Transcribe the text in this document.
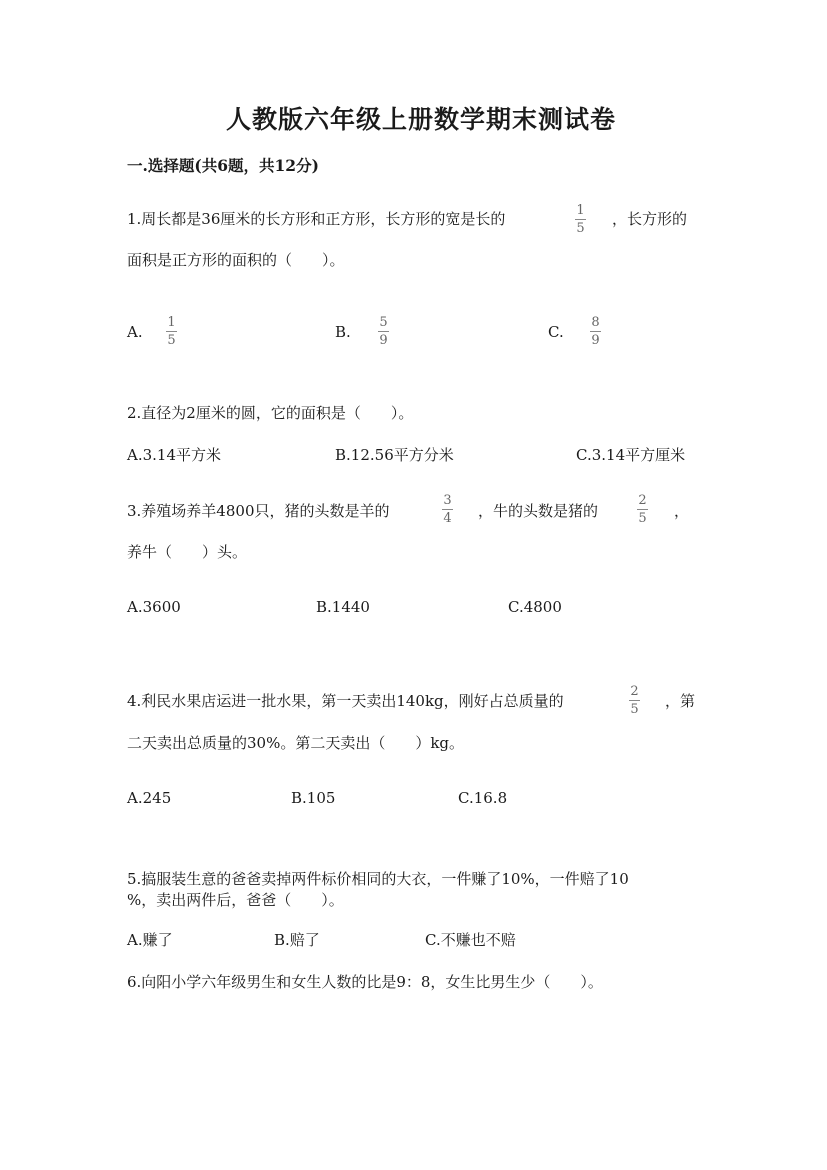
人教版六年级上册数学期末测试卷
一.选择题(共6题，共12分)
1.周长都是36厘米的长方形和正方形，长方形的宽是长的	1
5
，长方形的
面积是正方形的面积的（　　）。
A.
1
5	B.
5
9	C.
8
9
2.直径为2厘米的圆，它的面积是（　　）。
A.3.14平方米	B.12.56平方分米	C.3.14平方厘米
3.养殖场养羊4800只，猪的头数是羊的
3
4 ，牛的头数是猪的
2
5 ，
养牛（　　）头。
A.3600	B.1440	C.4800
4.利民水果店运进一批水果，第一天卖出140kg，刚好占总质量的
2
5 ，第
二天卖出总质量的30%。第二天卖出（　　）kg。
A.245	B.105	C.16.8
5.搞服装生意的爸爸卖掉两件标价相同的大衣，一件赚了10%，一件赔了10
%，卖出两件后，爸爸（　　）。
A.赚了	B.赔了	C.不赚也不赔
6.向阳小学六年级男生和女生人数的比是9：8，女生比男生少（　　）。
